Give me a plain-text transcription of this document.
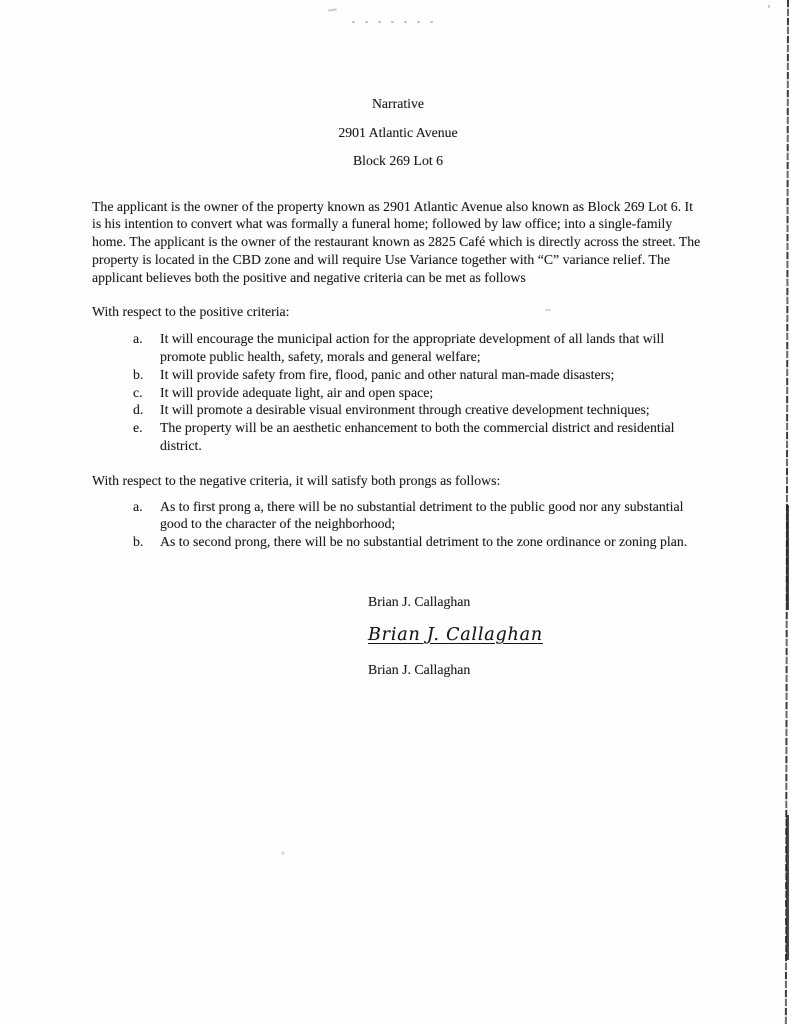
Narrative
2901 Atlantic Avenue
Block 269 Lot 6

The applicant is the owner of the property known as 2901 Atlantic Avenue also known as Block 269 Lot 6. It is his intention to convert what was formally a funeral home; followed by law office; into a single-family home. The applicant is the owner of the restaurant known as 2825 Café which is directly across the street. The property is located in the CBD zone and will require Use Variance together with “C” variance relief. The applicant believes both the positive and negative criteria can be met as follows

With respect to the positive criteria:
a.	It will encourage the municipal action for the appropriate development of all lands that will promote public health, safety, morals and general welfare;
b.	It will provide safety from fire, flood, panic and other natural man-made disasters;
c.	It will provide adequate light, air and open space;
d.	It will promote a desirable visual environment through creative development techniques;
e.	The property will be an aesthetic enhancement to both the commercial district and residential district.
With respect to the negative criteria, it will satisfy both prongs as follows:
a.	As to first prong a, there will be no substantial detriment to the public good nor any substantial good to the character of the neighborhood;
b.	As to second prong, there will be no substantial detriment to the zone ordinance or zoning plan.
Brian J. Callaghan
Brian J. Callaghan
Brian J. Callaghan
